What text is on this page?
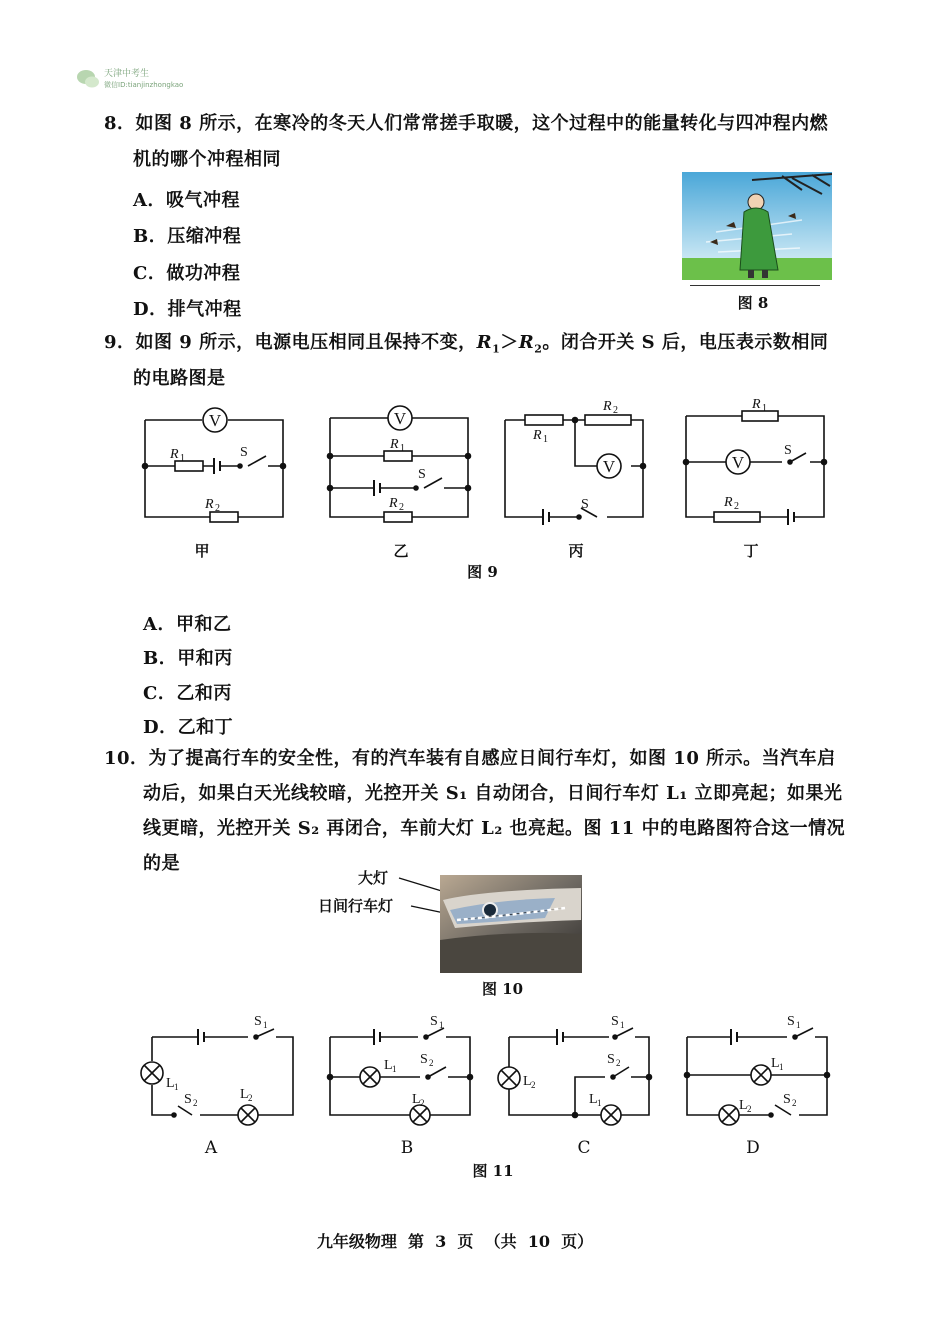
天津中考生
微信ID:tianjinzhongkao
8．如图 8 所示，在寒冷的冬天人们常常搓手取暖，这个过程中的能量转化与四冲程内燃
机的哪个冲程相同
A．吸气冲程
B．压缩冲程
C．做功冲程
D．排气冲程	图 8
9．如图 9 所示，电源电压相同且保持不变，$R_1>R_2$。闭合开关 S 后，电压表示数相同
的电路图是
V
R 1	S
R 2
V
R 1
S
R 2
V
S
R 1
R 2	R 1
V
S
R 2
甲	乙	丙	丁
图 9
A．甲和乙
B．甲和丙
C．乙和丙
D．乙和丁
10．为了提高行车的安全性，有的汽车装有自感应日间行车灯，如图 10 所示。当汽车启
动后，如果白天光线较暗，光控开关 S₁ 自动闭合，日间行车灯 L₁ 立即亮起；如果光
线更暗，光控开关 S₂ 再闭合，车前大灯 L₂ 也亮起。图 11 中的电路图符合这一情况
的是
大灯
日间行车灯
图 10
S 1
L 1
S 2
L 2
S 1
L 1
S 2
L 2
S 1
L 2
S 2
L 1
S 1
L 1
L 2
S 2
A	B	C	D
图 11
九年级物理  第  3  页  （共  10  页）
